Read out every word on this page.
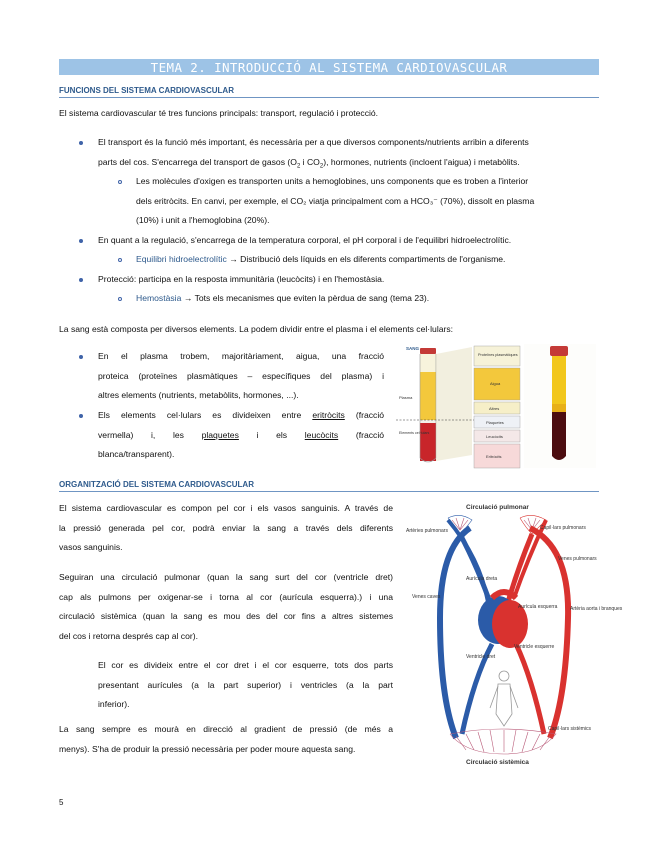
TEMA 2. INTRODUCCIÓ AL SISTEMA CARDIOVASCULAR
FUNCIONS DEL SISTEMA CARDIOVASCULAR
El sistema cardiovascular té tres funcions principals: transport, regulació i protecció.
El transport és la funció més important, és necessària per a que diversos components/nutrients arribin a diferents
parts del cos. S'encarrega del transport de gasos ($O_2$ i $CO_2$), hormones, nutrients (incloent l'aigua) i metabòlits.
Les molècules d'oxigen es transporten units a hemoglobines, uns components que es troben a l'interior
dels eritròcits. En canvi, per exemple, el CO₂ viatja principalment com a HCO₃⁻ (70%), dissolt en plasma
(10%) i unit a l'hemoglobina (20%).
En quant a la regulació, s'encarrega de la temperatura corporal, el pH corporal i de l'equilibri hidroelectrolític.
Equilibri hidroelectrolític → Distribució dels líquids en els diferents compartiments de l'organisme.
Protecció: participa en la resposta immunitària (leucòcits) i en l'hemostàsia.
Hemostàsia → Tots els mecanismes que eviten la pèrdua de sang (tema 23).
La sang està composta per diversos elements. La podem dividir entre el plasma i el elements cel·lulars:
En el plasma trobem, majoritàriament, aigua, una fracció
proteica (proteïnes plasmàtiques – específiques del plasma) i
altres elements (nutrients, metabòlits, hormones, ...).
Els elements cel·lulars es divideixen entre eritròcits (fracció
vermella) i, les plaquetes i els leucòcits (fracció
blanca/transparent).
SANG
Plasma
Elements cel·lulars
Proteïnes plasmàtiques
Aigua
Altres
Plaquetes
Leucòcits
Eritròcits
ORGANITZACIÓ DEL SISTEMA CARDIOVASCULAR
El sistema cardiovascular es compon pel cor i els vasos sanguinis. A través de
la pressió generada pel cor, podrà enviar la sang a través dels diferents
vasos sanguinis.
Seguiran una circulació pulmonar (quan la sang surt del cor (ventricle dret)
cap als pulmons per oxigenar-se i torna al cor (aurícula esquerra).) i una
circulació sistèmica (quan la sang es mou des del cor fins a altres sistemes
del cos i retorna després cap al cor).
El cor es divideix entre el cor dret i el cor esquerre, tots dos parts
presentant aurícules (a la part superior) i ventricles (a la part
inferior).
La sang sempre es mourà en direcció al gradient de pressió (de més a
menys). S'ha de produir la pressió necessària per poder moure aquesta sang.
Circulació pulmonar
Capil·lars pulmonars
Artèries pulmonars
Venes pulmonars
Aurícula dreta
Venes caves
Aurícula esquerra	Artèria aorta i branques
Ventricle esquerre
Ventricle dret
Capil·lars sistèmics
Circulació sistèmica
5
